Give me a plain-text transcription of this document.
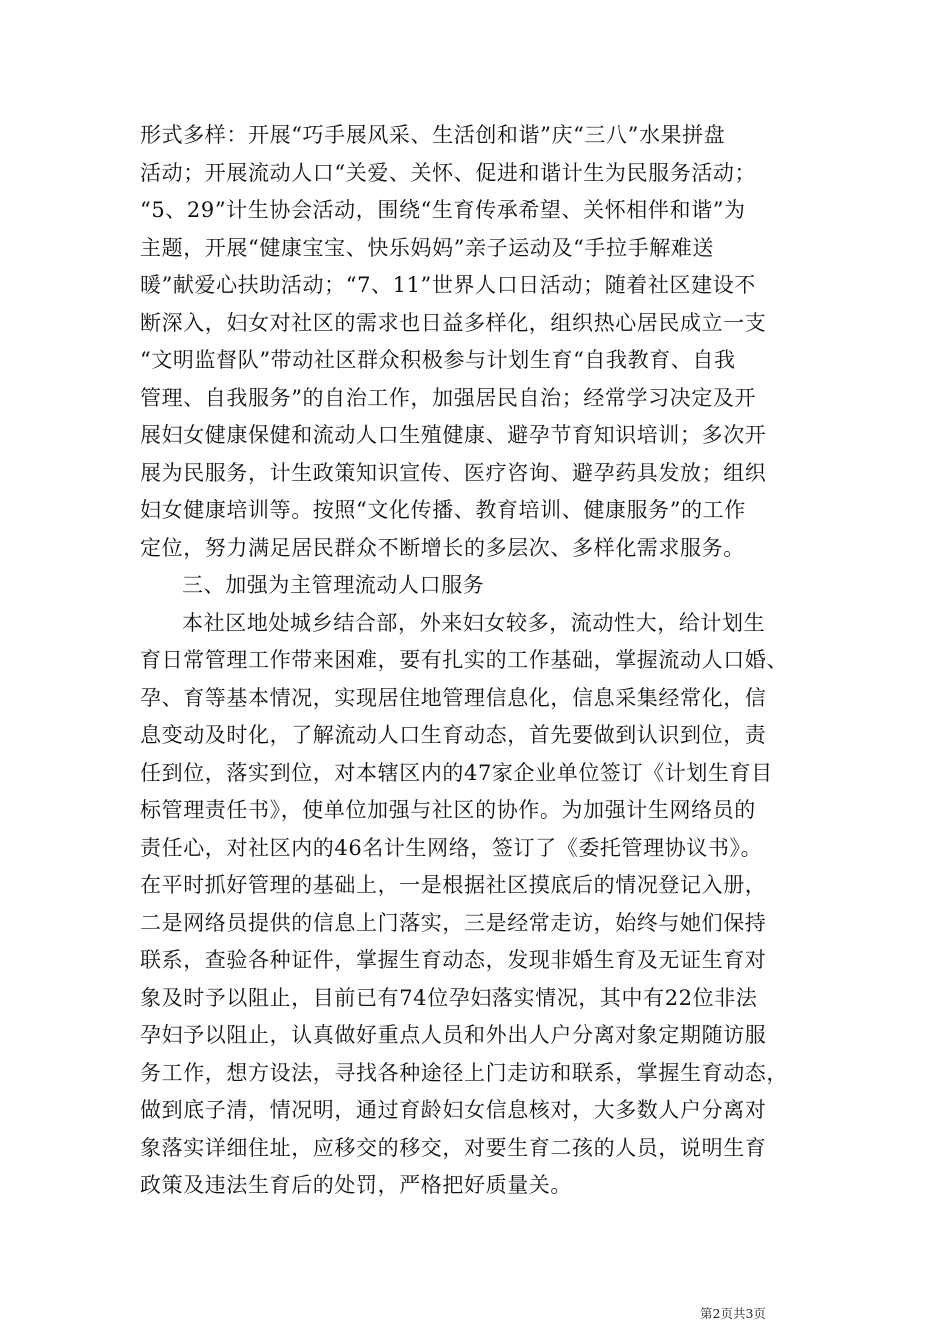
形式多样：开展“巧手展风采、生活创和谐”庆“三八”水果拼盘
活动；开展流动人口“关爱、关怀、促进和谐计生为民服务活动；
“5、29”计生协会活动，围绕“生育传承希望、关怀相伴和谐”为
主题，开展“健康宝宝、快乐妈妈”亲子运动及“手拉手解难送
暖”献爱心扶助活动；“7、11”世界人口日活动；随着社区建设不
断深入，妇女对社区的需求也日益多样化，组织热心居民成立一支
“文明监督队”带动社区群众积极参与计划生育“自我教育、自我
管理、自我服务”的自治工作，加强居民自治；经常学习决定及开
展妇女健康保健和流动人口生殖健康、避孕节育知识培训；多次开
展为民服务，计生政策知识宣传、医疗咨询、避孕药具发放；组织
妇女健康培训等。按照“文化传播、教育培训、健康服务”的工作
定位，努力满足居民群众不断增长的多层次、多样化需求服务。
三、加强为主管理流动人口服务
本社区地处城乡结合部，外来妇女较多，流动性大，给计划生
育日常管理工作带来困难，要有扎实的工作基础，掌握流动人口婚、
孕、育等基本情况，实现居住地管理信息化，信息采集经常化，信
息变动及时化，了解流动人口生育动态，首先要做到认识到位，责
任到位，落实到位，对本辖区内的47家企业单位签订《计划生育目
标管理责任书》，使单位加强与社区的协作。为加强计生网络员的
责任心，对社区内的46名计生网络，签订了《委托管理协议书》。
在平时抓好管理的基础上，一是根据社区摸底后的情况登记入册，
二是网络员提供的信息上门落实，三是经常走访，始终与她们保持
联系，查验各种证件，掌握生育动态，发现非婚生育及无证生育对
象及时予以阻止，目前已有74位孕妇落实情况，其中有22位非法
孕妇予以阻止，认真做好重点人员和外出人户分离对象定期随访服
务工作，想方设法，寻找各种途径上门走访和联系，掌握生育动态，
做到底子清，情况明，通过育龄妇女信息核对，大多数人户分离对
象落实详细住址，应移交的移交，对要生育二孩的人员，说明生育
政策及违法生育后的处罚，严格把好质量关。
第2页共3页
